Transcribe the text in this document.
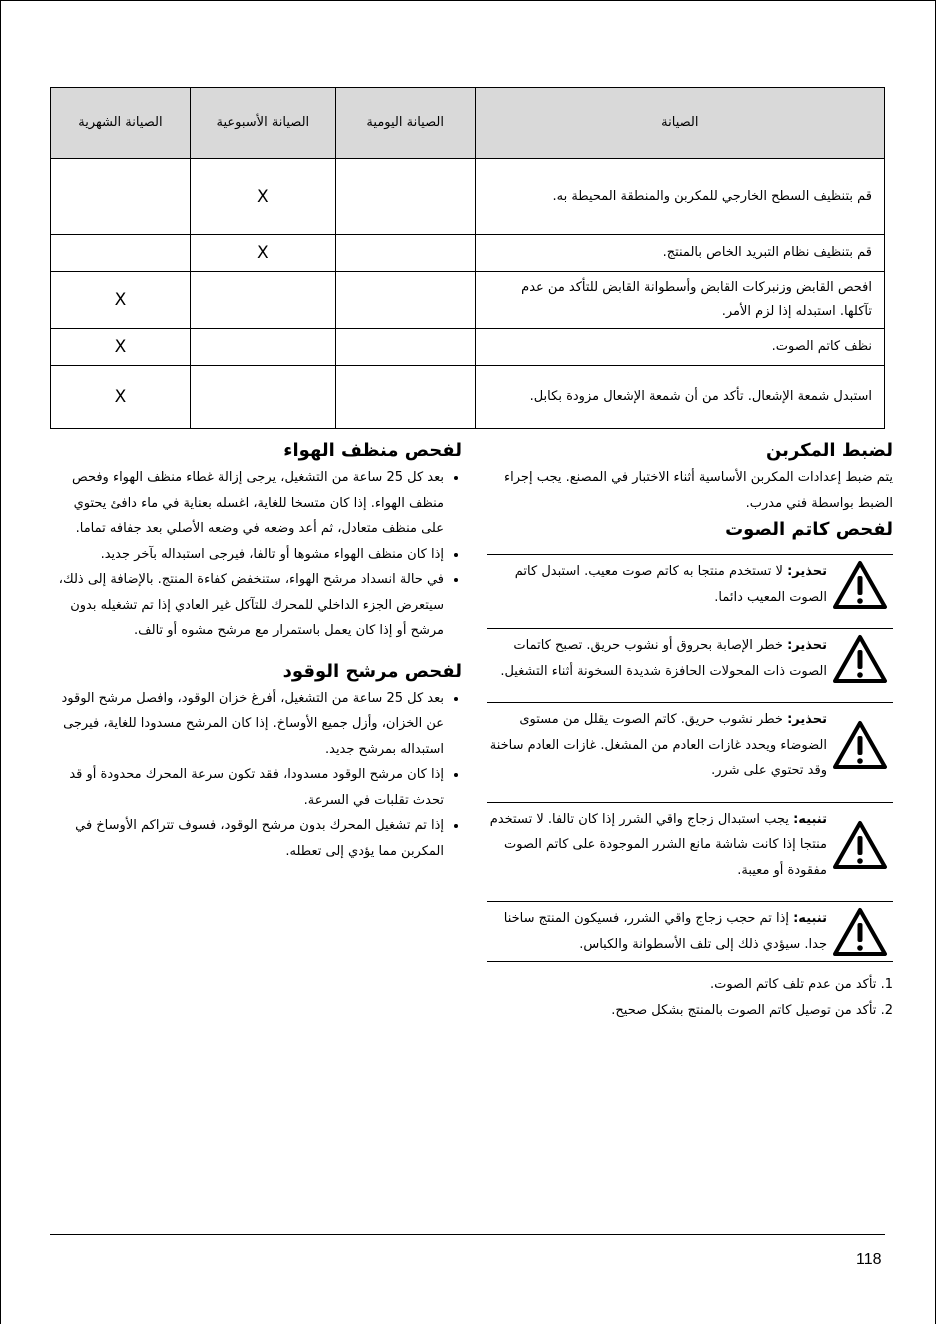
الصيانة	الصيانة اليومية	الصيانة الأسبوعية	الصيانة الشهرية
قم بتنظيف السطح الخارجي للمكربن والمنطقة المحيطة به.		X	
قم بتنظيف نظام التبريد الخاص بالمنتج.		X	
افحص القابض وزنبركات القابض وأسطوانة القابض للتأكد من عدم تآكلها. استبدله إذا لزم الأمر.			X
نظف كاتم الصوت.			X
استبدل شمعة الإشعال. تأكد من أن شمعة الإشعال مزودة بكابل.			X
لضبط المكربن

يتم ضبط إعدادات المكربن الأساسية أثناء الاختبار في المصنع. يجب إجراء الضبط بواسطة فني مدرب.

لفحص كاتم الصوت
تحذير: لا تستخدم منتجا به كاتم صوت معيب. استبدل كاتم الصوت المعيب دائما.
تحذير: خطر الإصابة بحروق أو نشوب حريق. تصبح كاتمات الصوت ذات المحولات الحافزة شديدة السخونة أثناء التشغيل.
تحذير: خطر نشوب حريق. كاتم الصوت يقلل من مستوى الضوضاء ويحدد غازات العادم من المشغل. غازات العادم ساخنة وقد تحتوي على شرر.
تنبيه: يجب استبدال زجاج واقي الشرر إذا كان تالفا. لا تستخدم منتجا إذا كانت شاشة مانع الشرر الموجودة على كاتم الصوت مفقودة أو معيبة.
تنبيه: إذا تم حجب زجاج واقي الشرر، فسيكون المنتج ساخنا جدا. سيؤدي ذلك إلى تلف الأسطوانة والكباس.
1. تأكد من عدم تلف كاتم الصوت.
2. تأكد من توصيل كاتم الصوت بالمنتج بشكل صحيح.
لفحص منظف الهواء
• بعد كل 25 ساعة من التشغيل، يرجى إزالة غطاء منظف الهواء وفحص منظف الهواء. إذا كان متسخا للغاية، اغسله بعناية في ماء دافئ يحتوي على منظف متعادل، ثم أعد وضعه في وضعه الأصلي بعد جفافه تماما.
• إذا كان منظف الهواء مشوها أو تالفا، فيرجى استبداله بآخر جديد.
• في حالة انسداد مرشح الهواء، ستنخفض كفاءة المنتج. بالإضافة إلى ذلك، سيتعرض الجزء الداخلي للمحرك للتآكل غير العادي إذا تم تشغيله بدون مرشح أو إذا كان يعمل باستمرار مع مرشح مشوه أو تالف.
لفحص مرشح الوقود
• بعد كل 25 ساعة من التشغيل، أفرغ خزان الوقود، وافصل مرشح الوقود عن الخزان، وأزل جميع الأوساخ. إذا كان المرشح مسدودا للغاية، فيرجى استبداله بمرشح جديد.
• إذا كان مرشح الوقود مسدودا، فقد تكون سرعة المحرك محدودة أو قد تحدث تقلبات في السرعة.
• إذا تم تشغيل المحرك بدون مرشح الوقود، فسوف تتراكم الأوساخ في المكربن مما يؤدي إلى تعطله.
118
